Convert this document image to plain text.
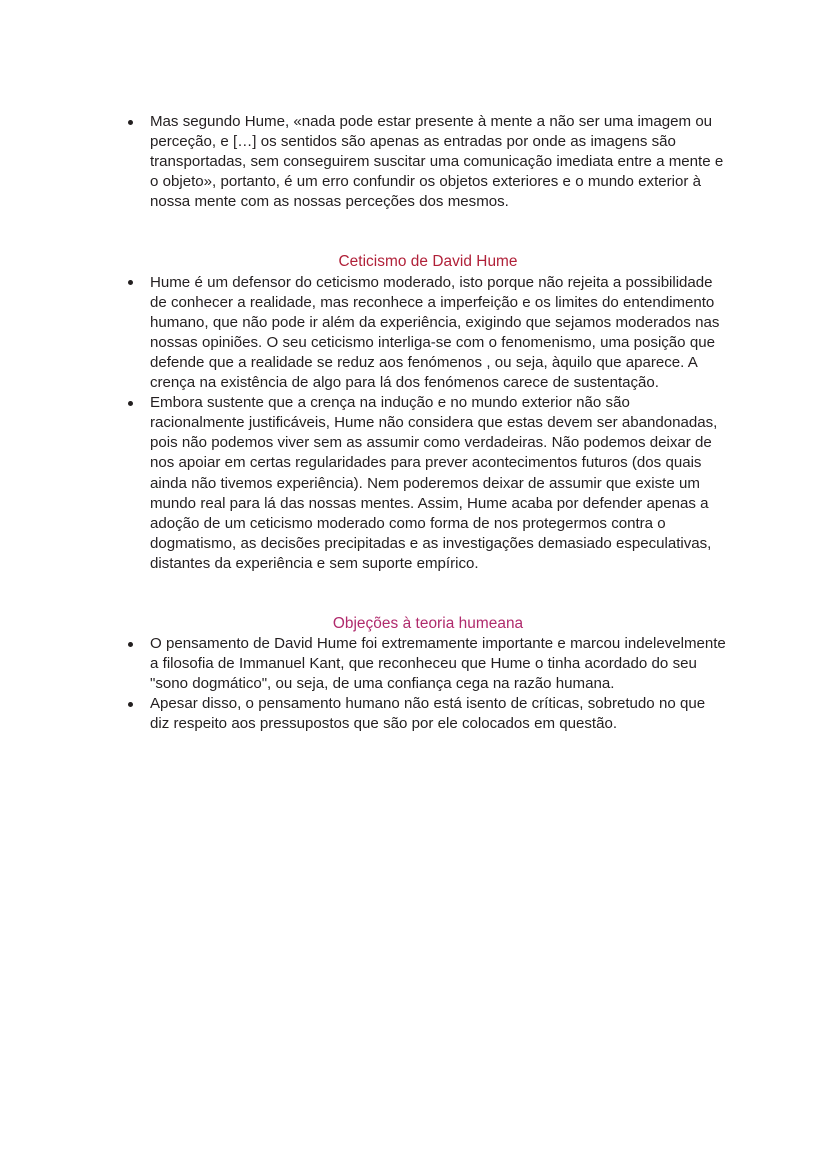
Mas segundo Hume, «nada pode estar presente à mente a não ser uma imagem ou perceção, e […] os sentidos são apenas as entradas por onde as imagens são transportadas, sem conseguirem suscitar uma comunicação imediata entre a mente e o objeto», portanto, é um erro confundir os objetos exteriores e o mundo exterior à nossa mente com as nossas perceções dos mesmos.
Ceticismo de David Hume
Hume é um defensor do ceticismo moderado, isto porque não rejeita a possibilidade de conhecer a realidade, mas reconhece a imperfeição e os limites do entendimento humano, que não pode ir além da experiência, exigindo que sejamos moderados nas nossas opiniões. O seu ceticismo interliga-se com o fenomenismo, uma posição que defende que a realidade se reduz aos fenómenos , ou seja, àquilo que aparece. A crença na existência de algo para lá dos fenómenos carece de sustentação.
Embora sustente que a crença na indução e no mundo exterior não são racionalmente justificáveis, Hume não considera que estas devem ser abandonadas, pois não podemos viver sem as assumir como verdadeiras. Não podemos deixar de nos apoiar em certas regularidades para prever acontecimentos futuros (dos quais ainda não tivemos experiência). Nem poderemos deixar de assumir que existe um mundo real para lá das nossas mentes. Assim, Hume acaba por defender apenas a adoção de um ceticismo moderado como forma de nos protegermos contra o dogmatismo, as decisões precipitadas e as investigações demasiado especulativas, distantes da experiência e sem suporte empírico.
Objeções à teoria humeana
O pensamento de David Hume foi extremamente importante e marcou indelevelmente a filosofia de Immanuel Kant, que reconheceu que Hume o tinha acordado do seu "sono dogmático", ou seja, de uma confiança cega na razão humana.
Apesar disso, o pensamento humano não está isento de críticas, sobretudo no que diz respeito aos pressupostos que são por ele colocados em questão.
